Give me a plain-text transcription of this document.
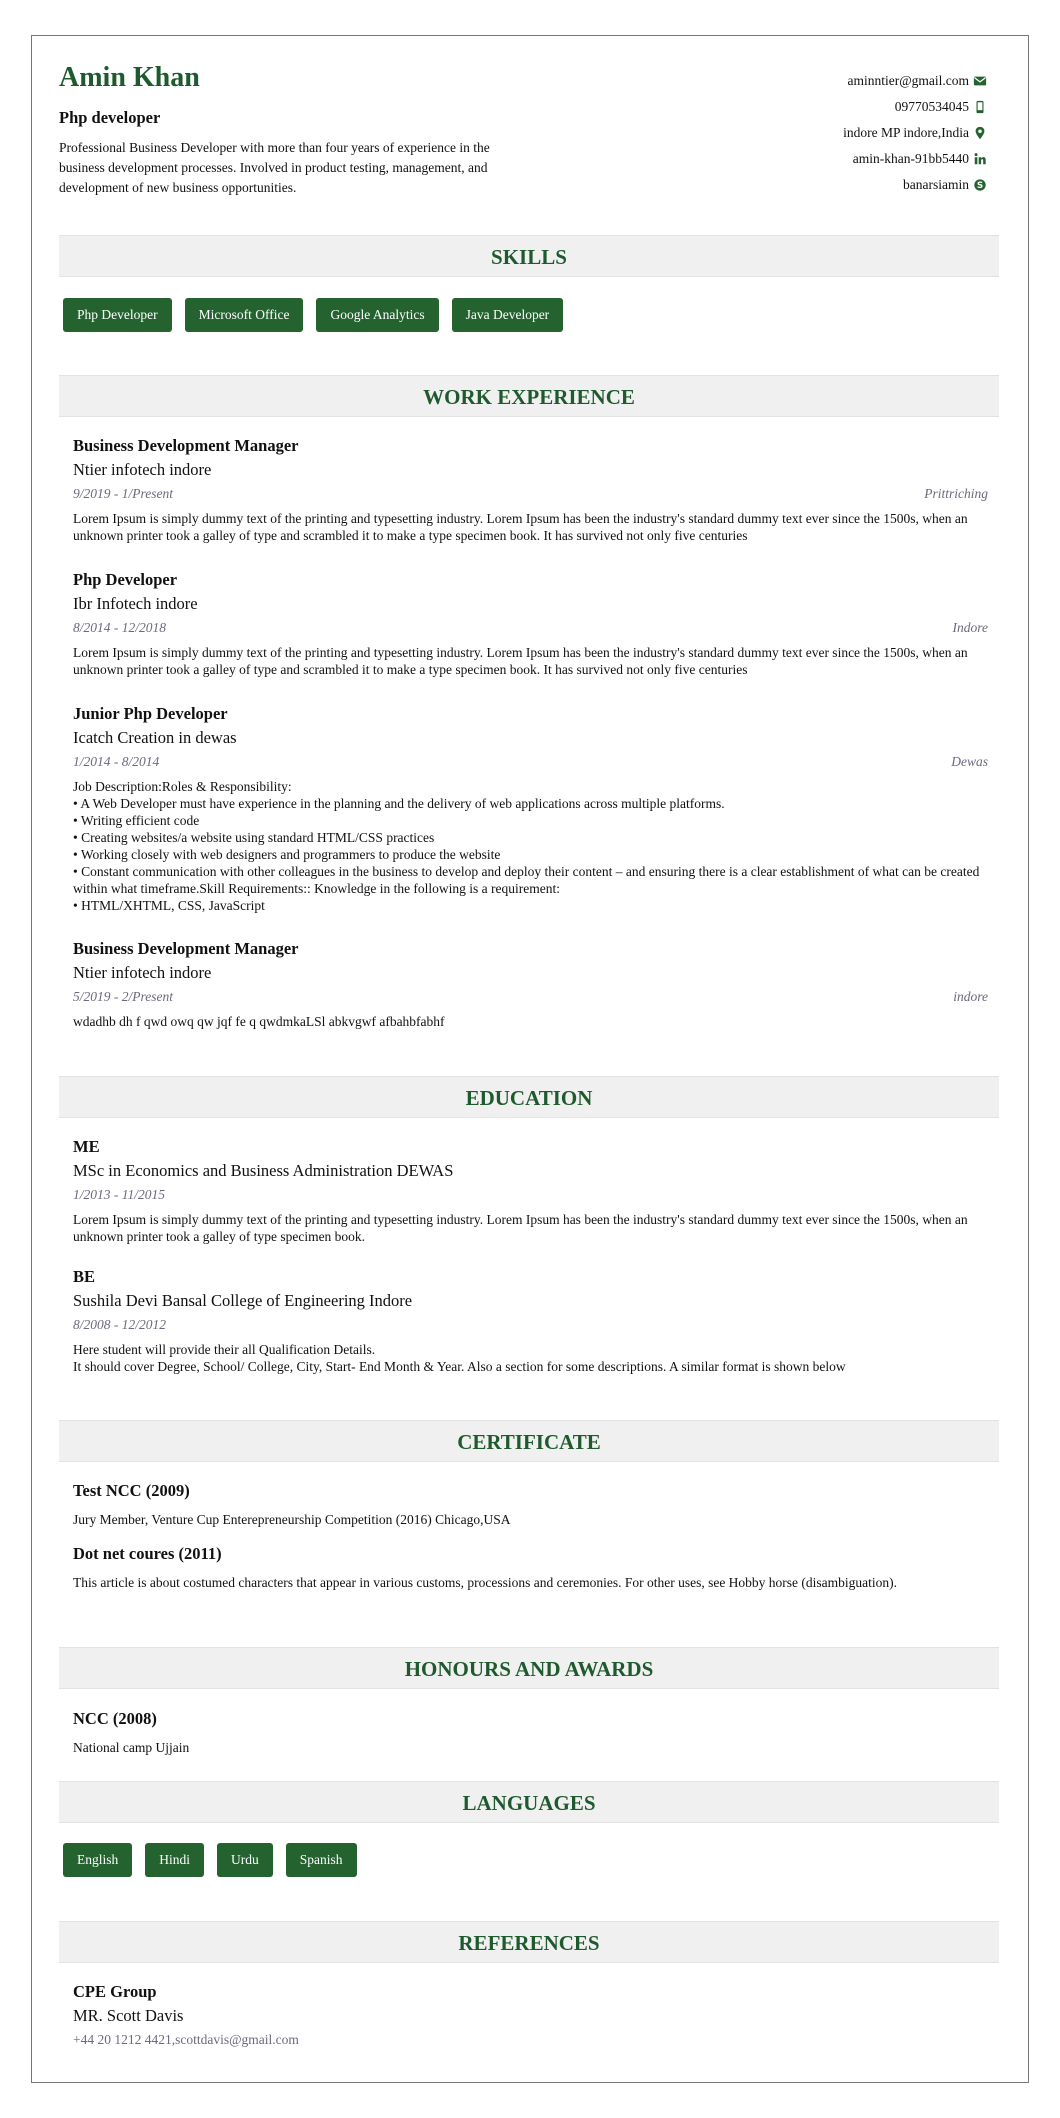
Amin Khan
Php developer
Professional Business Developer with more than four years of experience in the business development processes. Involved in product testing, management, and development of new business opportunities.
aminntier@gmail.com
09770534045
indore MP indore,India
amin-khan-91bb5440
banarsiamin S
SKILLS
Php Developer	Microsoft Office	Google Analytics	Java Developer
WORK EXPERIENCE
Business Development Manager
Ntier infotech indore
9/2019 - 1/Present	Prittriching
Lorem Ipsum is simply dummy text of the printing and typesetting industry. Lorem Ipsum has been the industry's standard dummy text ever since the 1500s, when an unknown printer took a galley of type and scrambled it to make a type specimen book. It has survived not only five centuries
Php Developer
Ibr Infotech indore
8/2014 - 12/2018	Indore
Lorem Ipsum is simply dummy text of the printing and typesetting industry. Lorem Ipsum has been the industry's standard dummy text ever since the 1500s, when an unknown printer took a galley of type and scrambled it to make a type specimen book. It has survived not only five centuries
Junior Php Developer
Icatch Creation in dewas
1/2014 - 8/2014	Dewas
Job Description:Roles & Responsibility:
• A Web Developer must have experience in the planning and the delivery of web applications across multiple platforms.
• Writing efficient code
• Creating websites/a website using standard HTML/CSS practices
• Working closely with web designers and programmers to produce the website
• Constant communication with other colleagues in the business to develop and deploy their content – and ensuring there is a clear establishment of what can be created within what timeframe.Skill Requirements:: Knowledge in the following is a requirement:
• HTML/XHTML, CSS, JavaScript
Business Development Manager
Ntier infotech indore
5/2019 - 2/Present	indore
wdadhb dh f qwd owq qw jqf fe q qwdmkaLSl abkvgwf afbahbfabhf
EDUCATION
ME
MSc in Economics and Business Administration DEWAS
1/2013 - 11/2015
Lorem Ipsum is simply dummy text of the printing and typesetting industry. Lorem Ipsum has been the industry's standard dummy text ever since the 1500s, when an unknown printer took a galley of type specimen book.
BE
Sushila Devi Bansal College of Engineering Indore
8/2008 - 12/2012
Here student will provide their all Qualification Details.
It should cover Degree, School/ College, City, Start- End Month & Year. Also a section for some descriptions. A similar format is shown below
CERTIFICATE
Test NCC (2009)
Jury Member, Venture Cup Enterepreneurship Competition (2016) Chicago,USA
Dot net coures (2011)
This article is about costumed characters that appear in various customs, processions and ceremonies. For other uses, see Hobby horse (disambiguation).
HONOURS AND AWARDS
NCC (2008)
National camp Ujjain
LANGUAGES
English	Hindi	Urdu	Spanish
REFERENCES
CPE Group
MR. Scott Davis
+44 20 1212 4421,scottdavis@gmail.com
